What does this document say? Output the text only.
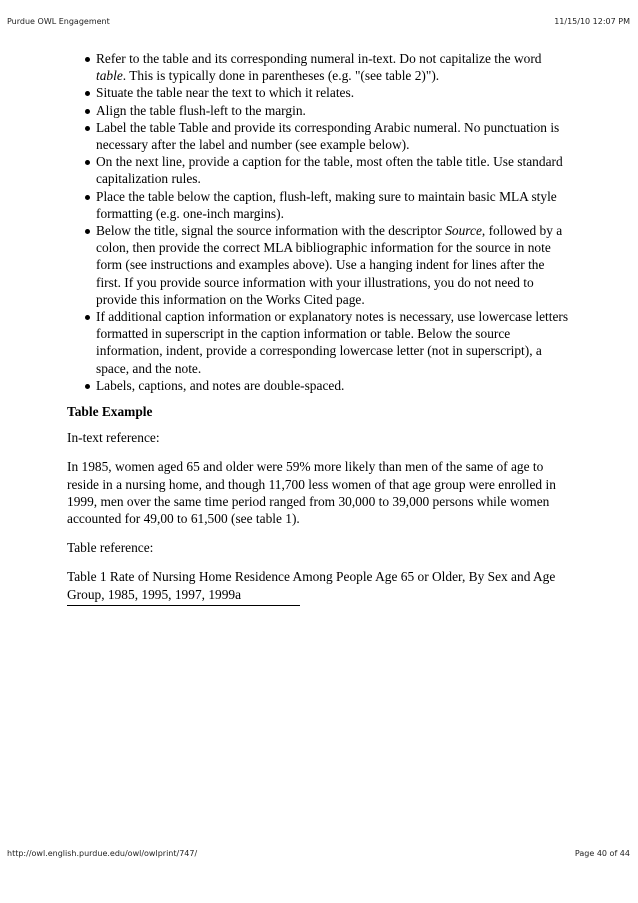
Purdue OWL Engagement	11/15/10 12:07 PM
Refer to the table and its corresponding numeral in-text. Do not capitalize the word table. This is typically done in parentheses (e.g. "(see table 2)").
Situate the table near the text to which it relates.
Align the table flush-left to the margin.
Label the table Table and provide its corresponding Arabic numeral. No punctuation is necessary after the label and number (see example below).
On the next line, provide a caption for the table, most often the table title. Use standard capitalization rules.
Place the table below the caption, flush-left, making sure to maintain basic MLA style formatting (e.g. one-inch margins).
Below the title, signal the source information with the descriptor Source, followed by a colon, then provide the correct MLA bibliographic information for the source in note form (see instructions and examples above). Use a hanging indent for lines after the first. If you provide source information with your illustrations, you do not need to provide this information on the Works Cited page.
If additional caption information or explanatory notes is necessary, use lowercase letters formatted in superscript in the caption information or table. Below the source information, indent, provide a corresponding lowercase letter (not in superscript), a space, and the note.
Labels, captions, and notes are double-spaced.
Table Example

In-text reference:

In 1985, women aged 65 and older were 59% more likely than men of the same of age to reside in a nursing home, and though 11,700 less women of that age group were enrolled in 1999, men over the same time period ranged from 30,000 to 39,000 persons while women accounted for 49,00 to 61,500 (see table 1).

Table reference:

Table 1 Rate of Nursing Home Residence Among People Age 65 or Older, By Sex and Age Group, 1985, 1995, 1997, 1999a

http://owl.english.purdue.edu/owl/owlprint/747/	Page 40 of 44
